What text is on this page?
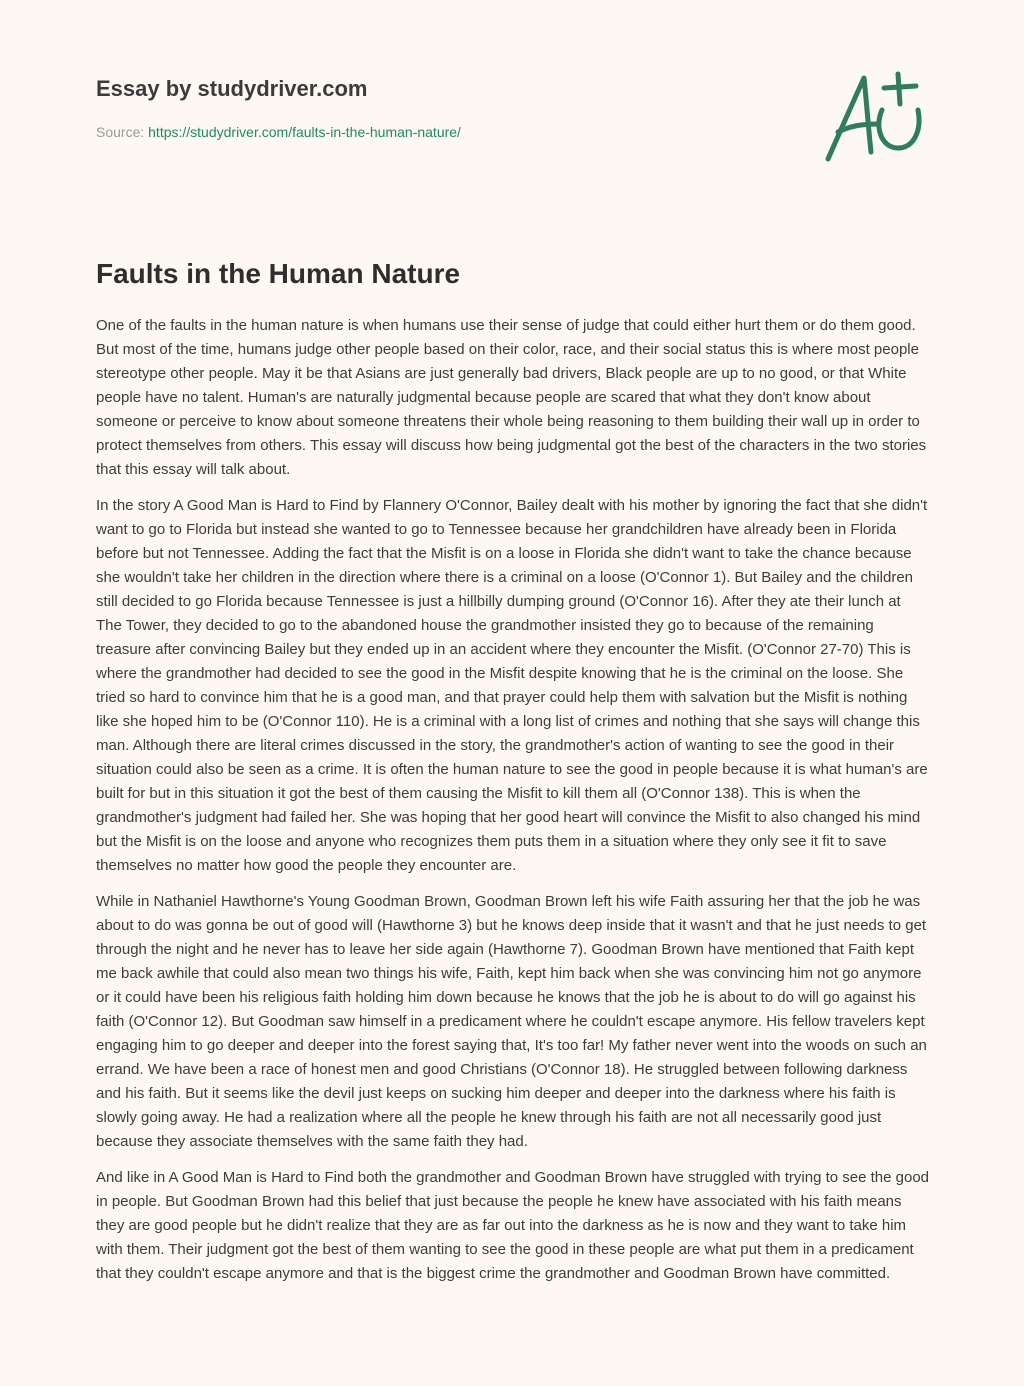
Essay by studydriver.com
Source: https://studydriver.com/faults-in-the-human-nature/
Faults in the Human Nature

One of the faults in the human nature is when humans use their sense of judge that could either hurt them or do them good. But most of the time, humans judge other people based on their color, race, and their social status this is where most people stereotype other people. May it be that Asians are just generally bad drivers, Black people are up to no good, or that White people have no talent. Human's are naturally judgmental because people are scared that what they don't know about someone or perceive to know about someone threatens their whole being reasoning to them building their wall up in order to protect themselves from others. This essay will discuss how being judgmental got the best of the characters in the two stories that this essay will talk about.

In the story A Good Man is Hard to Find by Flannery O'Connor, Bailey dealt with his mother by ignoring the fact that she didn't want to go to Florida but instead she wanted to go to Tennessee because her grandchildren have already been in Florida before but not Tennessee. Adding the fact that the Misfit is on a loose in Florida she didn't want to take the chance because she wouldn't take her children in the direction where there is a criminal on a loose (O'Connor 1). But Bailey and the children still decided to go Florida because Tennessee is just a hillbilly dumping ground (O'Connor 16). After they ate their lunch at The Tower, they decided to go to the abandoned house the grandmother insisted they go to because of the remaining treasure after convincing Bailey but they ended up in an accident where they encounter the Misfit. (O'Connor 27-70) This is where the grandmother had decided to see the good in the Misfit despite knowing that he is the criminal on the loose. She tried so hard to convince him that he is a good man, and that prayer could help them with salvation but the Misfit is nothing like she hoped him to be (O'Connor 110). He is a criminal with a long list of crimes and nothing that she says will change this man. Although there are literal crimes discussed in the story, the grandmother's action of wanting to see the good in their situation could also be seen as a crime. It is often the human nature to see the good in people because it is what human's are built for but in this situation it got the best of them causing the Misfit to kill them all (O'Connor 138). This is when the grandmother's judgment had failed her. She was hoping that her good heart will convince the Misfit to also changed his mind but the Misfit is on the loose and anyone who recognizes them puts them in a situation where they only see it fit to save themselves no matter how good the people they encounter are.

While in Nathaniel Hawthorne's Young Goodman Brown, Goodman Brown left his wife Faith assuring her that the job he was about to do was gonna be out of good will (Hawthorne 3) but he knows deep inside that it wasn't and that he just needs to get through the night and he never has to leave her side again (Hawthorne 7). Goodman Brown have mentioned that Faith kept me back awhile that could also mean two things his wife, Faith, kept him back when she was convincing him not go anymore or it could have been his religious faith holding him down because he knows that the job he is about to do will go against his faith (O'Connor 12). But Goodman saw himself in a predicament where he couldn't escape anymore. His fellow travelers kept engaging him to go deeper and deeper into the forest saying that, It's too far! My father never went into the woods on such an errand. We have been a race of honest men and good Christians (O'Connor 18). He struggled between following darkness and his faith. But it seems like the devil just keeps on sucking him deeper and deeper into the darkness where his faith is slowly going away. He had a realization where all the people he knew through his faith are not all necessarily good just because they associate themselves with the same faith they had.

And like in A Good Man is Hard to Find both the grandmother and Goodman Brown have struggled with trying to see the good in people. But Goodman Brown had this belief that just because the people he knew have associated with his faith means they are good people but he didn't realize that they are as far out into the darkness as he is now and they want to take him with them. Their judgment got the best of them wanting to see the good in these people are what put them in a predicament that they couldn't escape anymore and that is the biggest crime the grandmother and Goodman Brown have committed.
